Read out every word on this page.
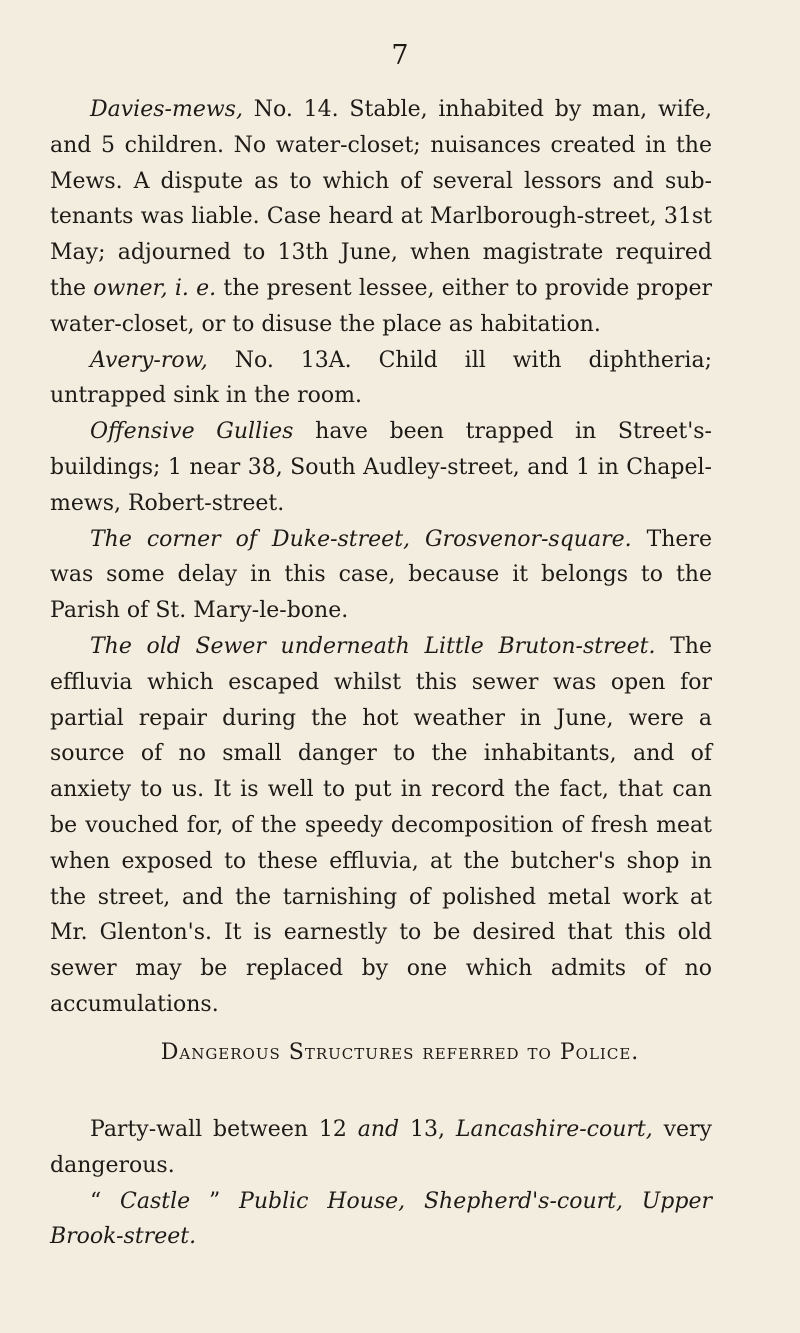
7

Davies-mews, No. 14. Stable, inhabited by man, wife, and 5 children. No water-closet; nuisances created in the Mews. A dispute as to which of several lessors and sub-tenants was liable. Case heard at Marlborough-street, 31st May; adjourned to 13th June, when magistrate required the owner, i. e. the present lessee, either to provide proper water-closet, or to disuse the place as habitation.

Avery-row, No. 13A. Child ill with diphtheria; untrapped sink in the room.

Offensive Gullies have been trapped in Street's-buildings; 1 near 38, South Audley-street, and 1 in Chapel-mews, Robert-street.

The corner of Duke-street, Grosvenor-square. There was some delay in this case, because it belongs to the Parish of St. Mary-le-bone.

The old Sewer underneath Little Bruton-street. The effluvia which escaped whilst this sewer was open for partial repair during the hot weather in June, were a source of no small danger to the inhabitants, and of anxiety to us. It is well to put in record the fact, that can be vouched for, of the speedy decomposition of fresh meat when exposed to these effluvia, at the butcher's shop in the street, and the tarnishing of polished metal work at Mr. Glenton's. It is earnestly to be desired that this old sewer may be replaced by one which admits of no accumulations.

Dangerous Structures referred to Police.

Party-wall between 12 and 13, Lancashire-court, very dangerous.

“ Castle ” Public House, Shepherd's-court, Upper Brook-street.
